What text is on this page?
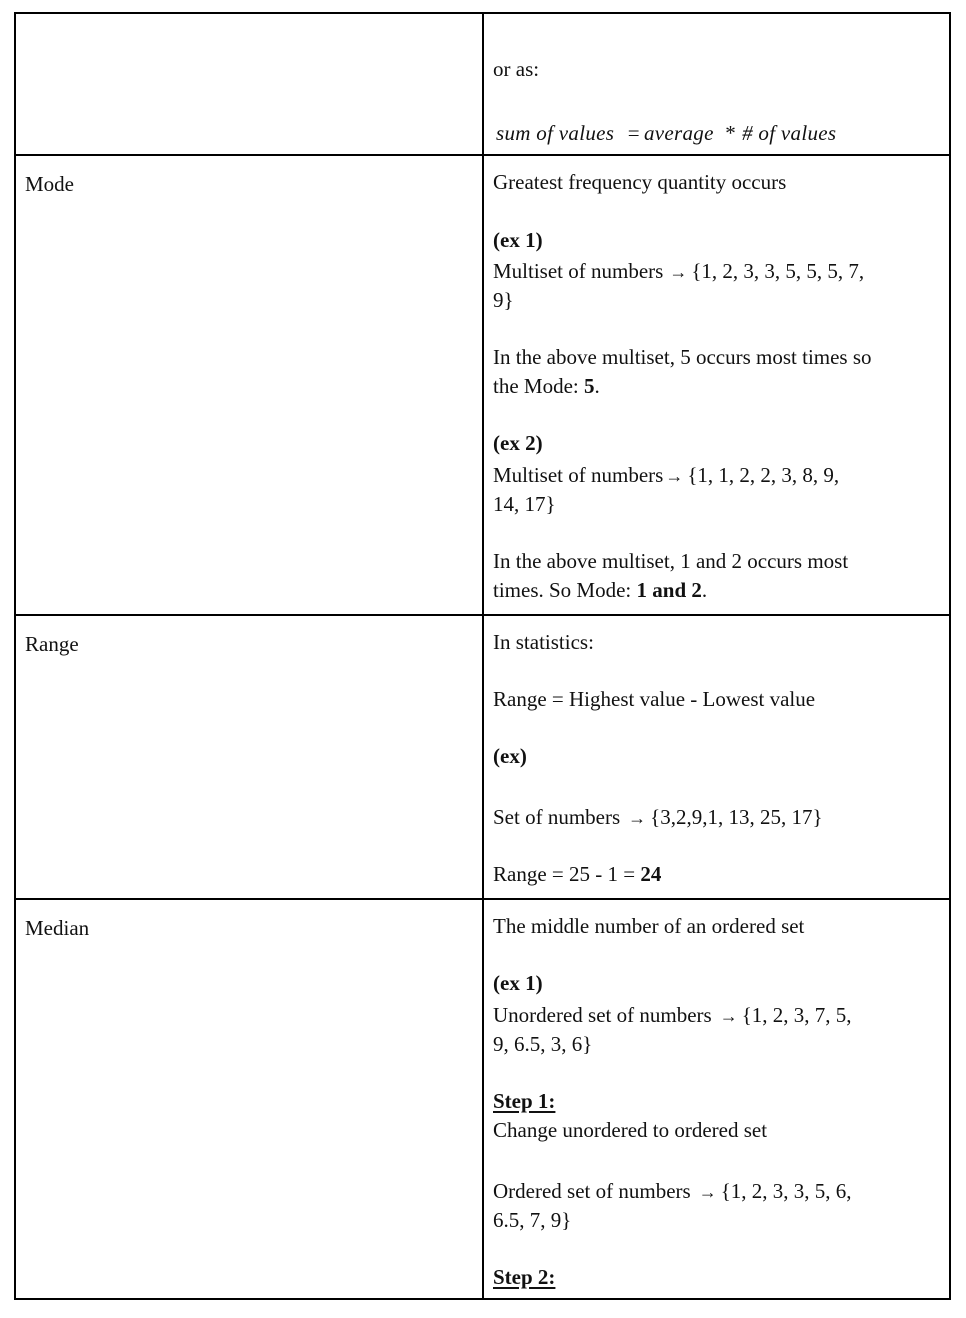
or as:
sum of values = average * # of values
Mode	Greatest frequency quantity occurs
(ex 1)
Multiset of numbers → {1, 2, 3, 3, 5, 5, 5, 7,
9}
In the above multiset, 5 occurs most times so
the Mode: 5.
(ex 2)
Multiset of numbers → {1, 1, 2, 2, 3, 8, 9,
14, 17}
In the above multiset, 1 and 2 occurs most
times. So Mode: 1 and 2.
Range	In statistics:
Range = Highest value - Lowest value
(ex)
Set of numbers → {3,2,9,1, 13, 25, 17}
Range = 25 - 1 = 24
Median	The middle number of an ordered set
(ex 1)
Unordered set of numbers → {1, 2, 3, 7, 5,
9, 6.5, 3, 6}
Step 1:
Change unordered to ordered set
Ordered set of numbers → {1, 2, 3, 3, 5, 6,
6.5, 7, 9}
Step 2:
